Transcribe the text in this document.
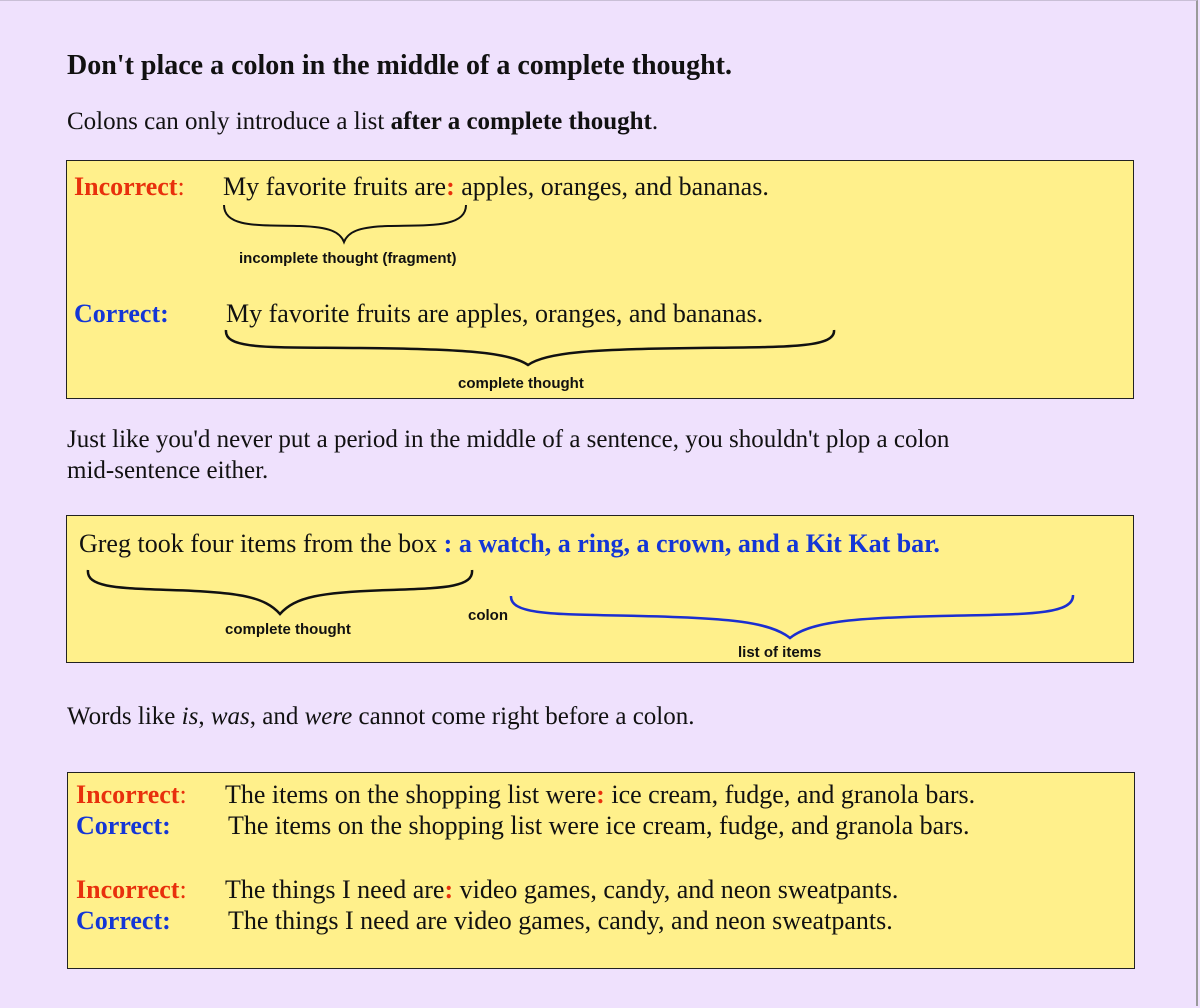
Don't place a colon in the middle of a complete thought.
Colons can only introduce a list after a complete thought.
Incorrect: My favorite fruits are: apples, oranges, and bananas.
incomplete thought (fragment)
Correct: My favorite fruits are apples, oranges, and bananas.
complete thought
Just like you'd never put a period in the middle of a sentence, you shouldn't plop a colon
mid-sentence either.
Greg took four items from the box : a watch, a ring, a crown, and a Kit Kat bar.
complete thought
colon
list of items
Words like is, was, and were cannot come right before a colon.
Incorrect: The items on the shopping list were: ice cream, fudge, and granola bars.
Correct: The items on the shopping list were ice cream, fudge, and granola bars.
Incorrect: The things I need are: video games, candy, and neon sweatpants.
Correct: The things I need are video games, candy, and neon sweatpants.
